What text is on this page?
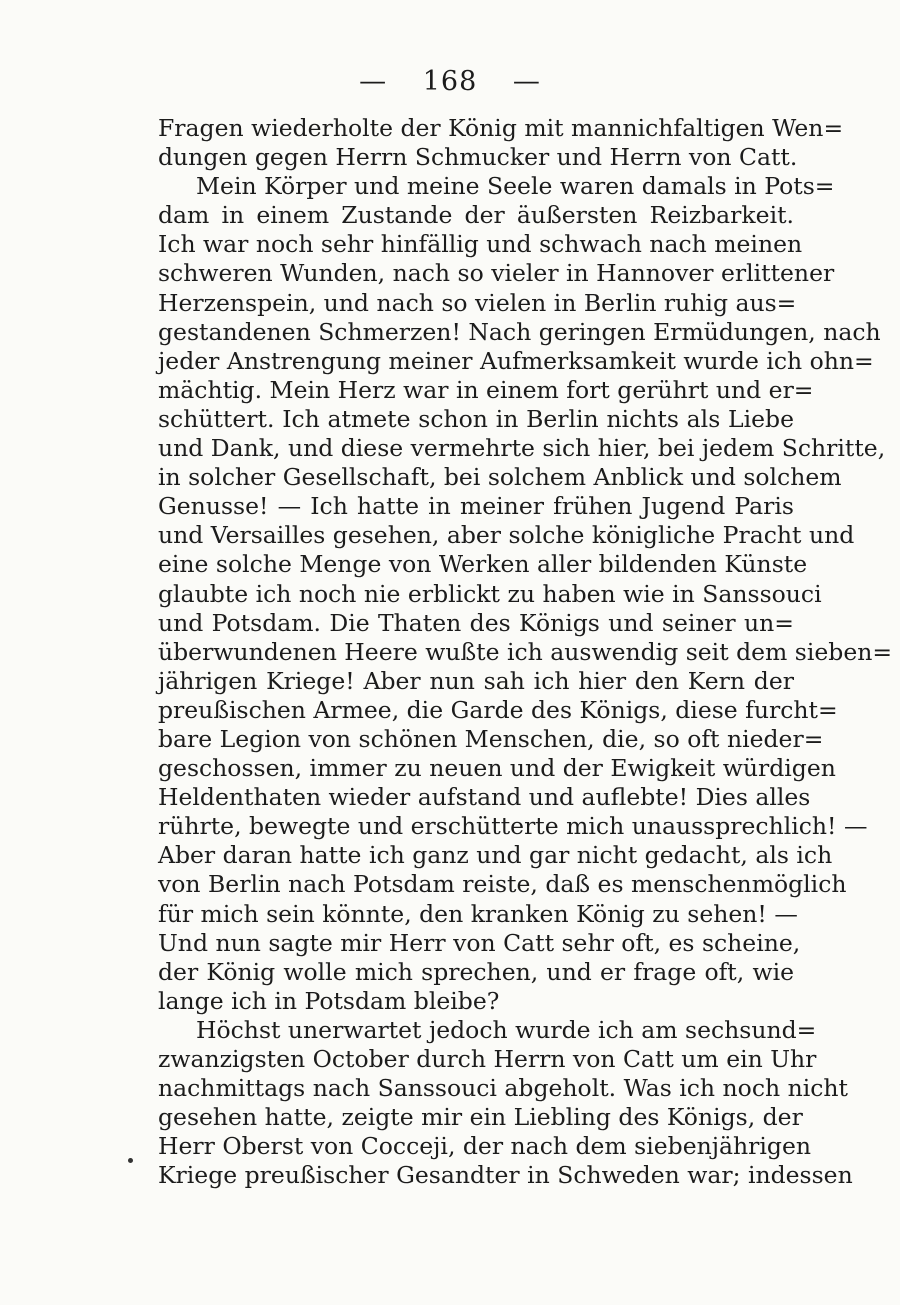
— 168 —
Fragen wiederholte der König mit mannichfaltigen Wen=
dungen gegen Herrn Schmucker und Herrn von Catt.
Mein Körper und meine Seele waren damals in Pots=
dam in einem Zustande der äußersten Reizbarkeit.
Ich war noch sehr hinfällig und schwach nach meinen
schweren Wunden, nach so vieler in Hannover erlittener
Herzenspein, und nach so vielen in Berlin ruhig aus=
gestandenen Schmerzen! Nach geringen Ermüdungen, nach
jeder Anstrengung meiner Aufmerksamkeit wurde ich ohn=
mächtig. Mein Herz war in einem fort gerührt und er=
schüttert. Ich atmete schon in Berlin nichts als Liebe
und Dank, und diese vermehrte sich hier, bei jedem Schritte,
in solcher Gesellschaft, bei solchem Anblick und solchem
Genusse! — Ich hatte in meiner frühen Jugend Paris
und Versailles gesehen, aber solche königliche Pracht und
eine solche Menge von Werken aller bildenden Künste
glaubte ich noch nie erblickt zu haben wie in Sanssouci
und Potsdam. Die Thaten des Königs und seiner un=
überwundenen Heere wußte ich auswendig seit dem sieben=
jährigen Kriege! Aber nun sah ich hier den Kern der
preußischen Armee, die Garde des Königs, diese furcht=
bare Legion von schönen Menschen, die, so oft nieder=
geschossen, immer zu neuen und der Ewigkeit würdigen
Heldenthaten wieder aufstand und auflebte! Dies alles
rührte, bewegte und erschütterte mich unaussprechlich! —
Aber daran hatte ich ganz und gar nicht gedacht, als ich
von Berlin nach Potsdam reiste, daß es menschenmöglich
für mich sein könnte, den kranken König zu sehen! —
Und nun sagte mir Herr von Catt sehr oft, es scheine,
der König wolle mich sprechen, und er frage oft, wie
lange ich in Potsdam bleibe?
Höchst unerwartet jedoch wurde ich am sechsund=
zwanzigsten October durch Herrn von Catt um ein Uhr
nachmittags nach Sanssouci abgeholt. Was ich noch nicht
gesehen hatte, zeigte mir ein Liebling des Königs, der
Herr Oberst von Cocceji, der nach dem siebenjährigen
Kriege preußischer Gesandter in Schweden war; indessen
